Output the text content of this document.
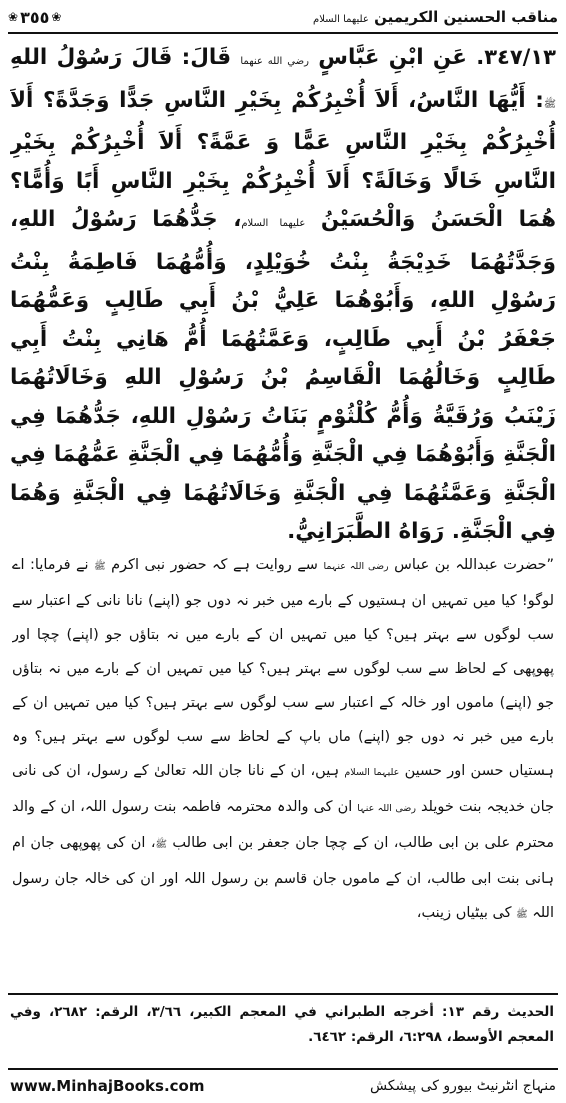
❀ ٣٥٥ ❀	مناقب الحسنين الكريمين عليهما السلام
٣٤٧/١٣. عَنِ ابْنِ عَبَّاسٍ رضي الله عنهما قَالَ: قَالَ رَسُوْلُ اللهِ ﷺ: أَيُّهَا النَّاسُ، أَلاَ أُخْبِرُكُمْ بِخَيْرِ النَّاسِ جَدًّا وَجَدَّةً؟ أَلاَ أُخْبِرُكُمْ بِخَيْرِ النَّاسِ عَمًّا وَ عَمَّةً؟ أَلاَ أُخْبِرُكُمْ بِخَيْرِ النَّاسِ خَالًا وَخَالَةً؟ أَلاَ أُخْبِرُكُمْ بِخَيْرِ النَّاسِ أَبًا وَأُمًّا؟ هُمَا الْحَسَنُ وَالْحُسَيْنُ عليهما السلام، جَدُّهُمَا رَسُوْلُ اللهِ، وَجَدَّتُهُمَا خَدِيْجَةُ بِنْتُ خُوَيْلِدٍ، وَأُمُّهُمَا فَاطِمَةُ بِنْتُ رَسُوْلِ اللهِ، وَأَبُوْهُمَا عَلِيُّ بْنُ أَبِي طَالِبٍ وَعَمُّهُمَا جَعْفَرُ بْنُ أَبِي طَالِبٍ، وَعَمَّتُهُمَا أُمُّ هَانِي بِنْتُ أَبِي طَالِبٍ وَخَالُهُمَا الْقَاسِمُ بْنُ رَسُوْلِ اللهِ وَخَالَاتُهُمَا زَيْنَبُ وَرُقَيَّةُ وَأُمُّ كُلْثُوْمٍ بَنَاتُ رَسُوْلِ اللهِ، جَدُّهُمَا فِي الْجَنَّةِ وَأَبُوْهُمَا فِي الْجَنَّةِ وَأُمُّهُمَا فِي الْجَنَّةِ عَمُّهُمَا فِي الْجَنَّةِ وَعَمَّتُهُمَا فِي الْجَنَّةِ وَخَالَاتُهُمَا فِي الْجَنَّةِ وَهُمَا فِي الْجَنَّةِ. رَوَاهُ الطَّبَرَانِيُّ.
”حضرت عبداللہ بن عباس رضی اللہ عنہما سے روایت ہے کہ حضور نبی اکرم ﷺ نے فرمایا: اے لوگو! کیا میں تمہیں ان ہستیوں کے بارے میں خبر نہ دوں جو (اپنے) نانا نانی کے اعتبار سے سب لوگوں سے بہتر ہیں؟ کیا میں تمہیں ان کے بارے میں نہ بتاؤں جو (اپنے) چچا اور پھوپھی کے لحاظ سے سب لوگوں سے بہتر ہیں؟ کیا میں تمہیں ان کے بارے میں نہ بتاؤں جو (اپنے) ماموں اور خالہ کے اعتبار سے سب لوگوں سے بہتر ہیں؟ کیا میں تمہیں ان کے بارے میں خبر نہ دوں جو (اپنے) ماں باپ کے لحاظ سے سب لوگوں سے بہتر ہیں؟ وہ ہستیاں حسن اور حسین علیہما السلام ہیں، ان کے نانا جان اللہ تعالیٰ کے رسول، ان کی نانی جان خدیجہ بنت خویلد رضی اللہ عنہا ان کی والدہ محترمہ فاطمہ بنت رسول اللہ، ان کے والد محترم علی بن ابی طالب، ان کے چچا جان جعفر بن ابی طالب ﷺ، ان کی پھوپھی جان ام ہانی بنت ابی طالب، ان کے ماموں جان قاسم بن رسول اللہ اور ان کی خالہ جان رسول اللہ ﷺ کی بیٹیاں زینب،
الحديث رقم ١٣: أخرجه الطبراني في المعجم الكبير، ٣/٦٦، الرقم: ٢٦٨٢، وفي المعجم الأوسط، ٦:٢٩٨، الرقم: ٦٤٦٢.
www.MinhajBooks.com	منہاج انٹرنیٹ بیورو کی پیشکش
